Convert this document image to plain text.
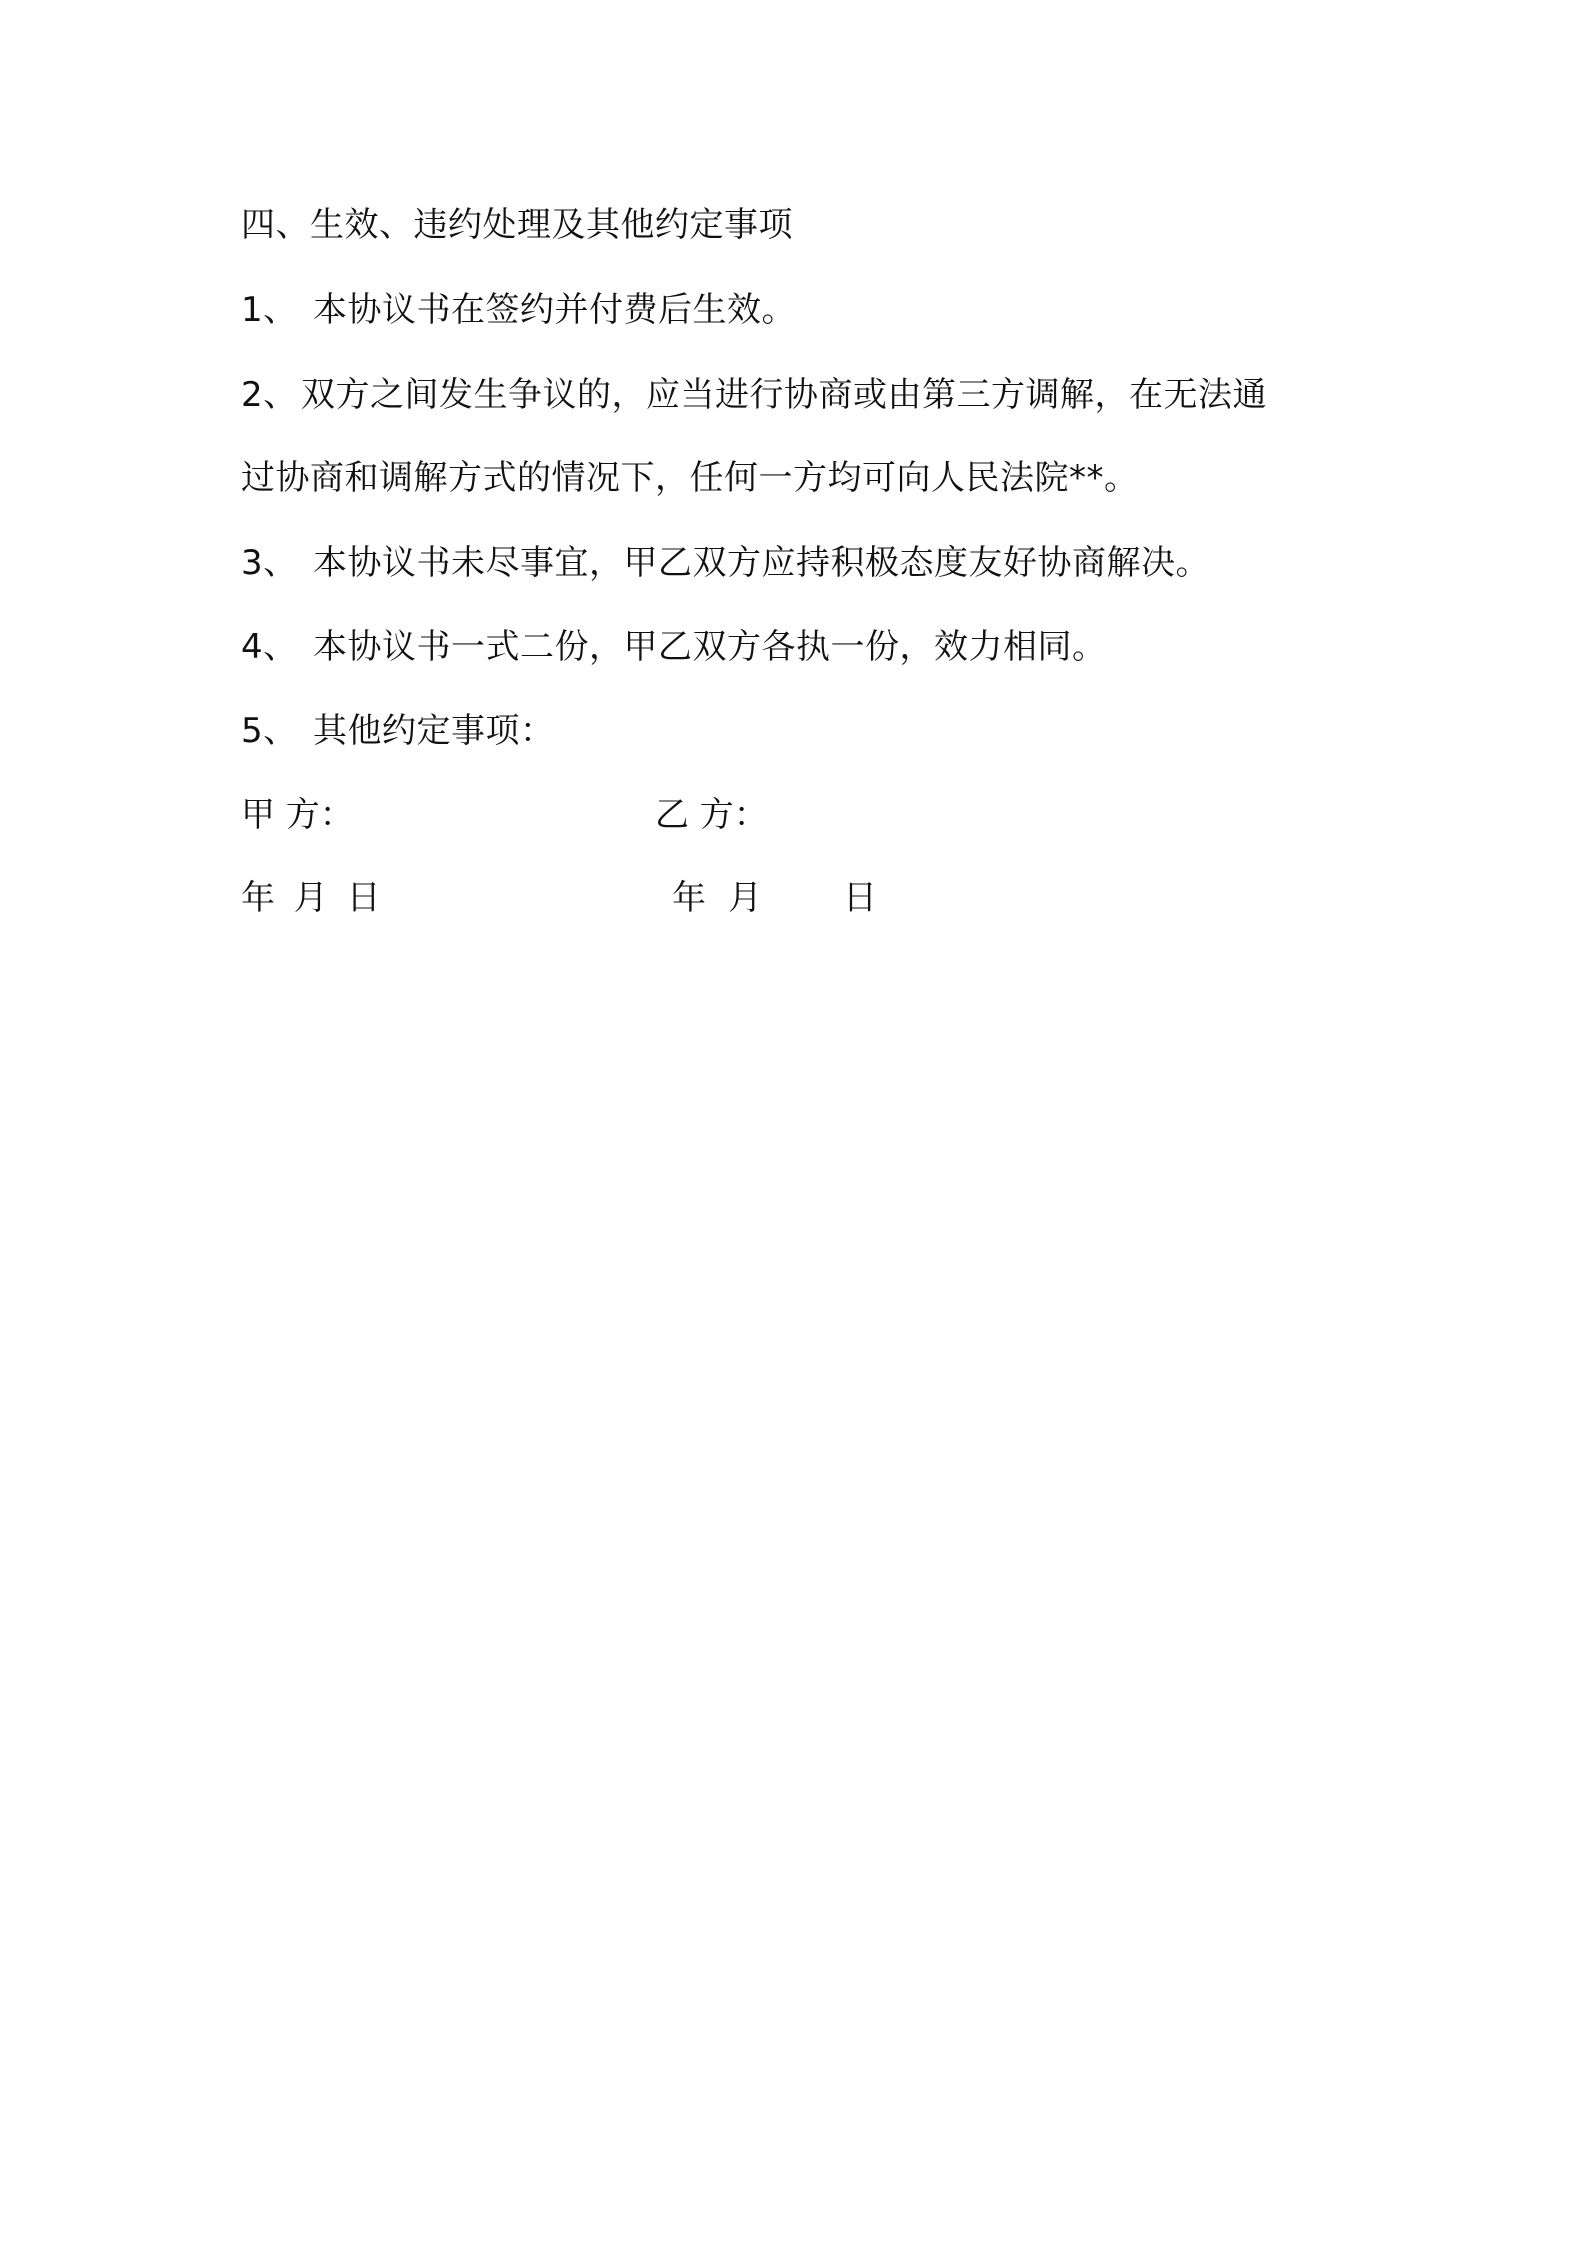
四、生效、违约处理及其他约定事项
1、 本协议书在签约并付费后生效。
2、双方之间发生争议的，应当进行协商或由第三方调解，在无法通
过协商和调解方式的情况下，任何一方均可向人民法院**。
3、 本协议书未尽事宜，甲乙双方应持积极态度友好协商解决。
4、 本协议书一式二份，甲乙双方各执一份，效力相同。
5、 其他约定事项：
甲 方：	乙 方：
年 月 日	年 月 日
